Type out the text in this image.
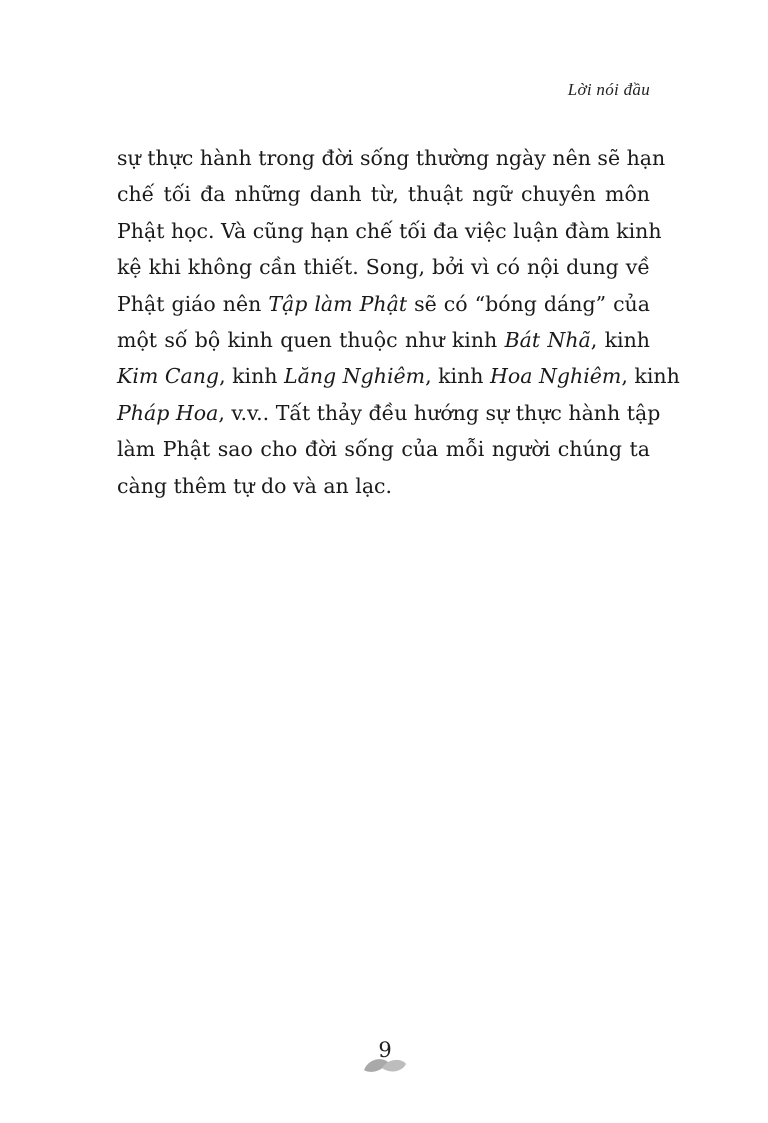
Lời nói đầu

sự thực hành trong đời sống thường ngày nên sẽ hạn
chế tối đa những danh từ, thuật ngữ chuyên môn
Phật học. Và cũng hạn chế tối đa việc luận đàm kinh
kệ khi không cần thiết. Song, bởi vì có nội dung về
Phật giáo nên Tập làm Phật sẽ có “bóng dáng” của
một số bộ kinh quen thuộc như kinh Bát Nhã, kinh
Kim Cang, kinh Lăng Nghiêm, kinh Hoa Nghiêm, kinh
Pháp Hoa, v.v.. Tất thảy đều hướng sự thực hành tập
làm Phật sao cho đời sống của mỗi người chúng ta
càng thêm tự do và an lạc.

9
